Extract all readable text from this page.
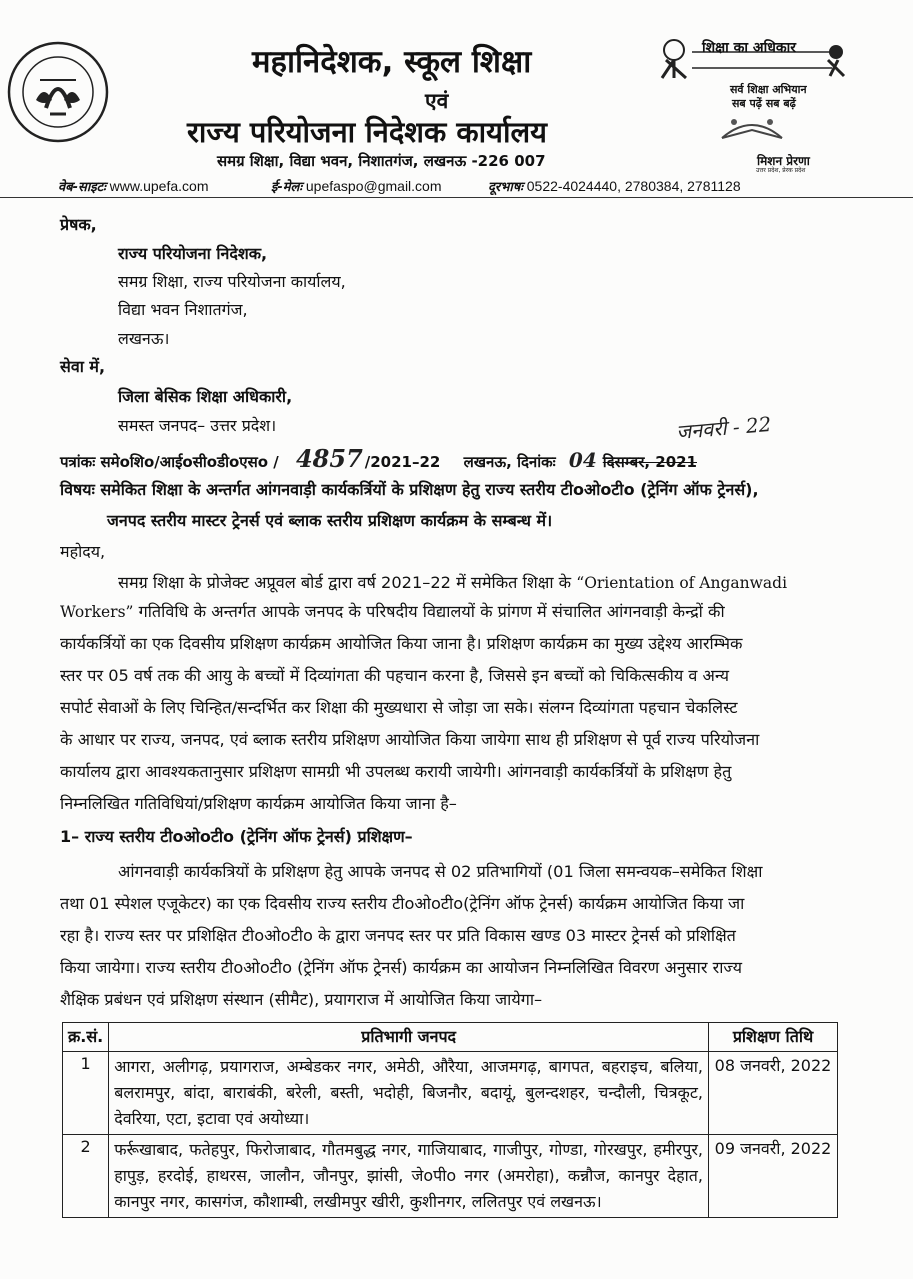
महानिदेशक, स्कूल शिक्षा
एवं
राज्य परियोजना निदेशक कार्यालय
समग्र शिक्षा, विद्या भवन, निशातगंज, लखनऊ -226 007
वेब-साइटः www.upefa.com	ई-मेलः upefaspo@gmail.com	दूरभाषः 0522-4024440, 2780384, 2781128
शिक्षा का अधिकार
सर्व शिक्षा अभियान
सब पढ़ें सब बढ़ें
मिशन प्रेरणा
उत्तर प्रदेश, प्रेरक प्रदेश
प्रेषक,
राज्य परियोजना निदेशक,
समग्र शिक्षा, राज्य परियोजना कार्यालय,
विद्या भवन निशातगंज,
लखनऊ।
सेवा में,
जिला बेसिक शिक्षा अधिकारी,
समस्त जनपद– उत्तर प्रदेश।
पत्रांकः समेoशिo/आईoसीoडीoएसo / 4857 /2021–22 लखनऊ, दिनांकः 04 दिसम्बर, 2021
जनवरी - 22
विषयः समेकित शिक्षा के अन्तर्गत आंगनवाड़ी कार्यकर्त्रियों के प्रशिक्षण हेतु राज्य स्तरीय टीoओoटीo (ट्रेनिंग ऑफ ट्रेनर्स),
जनपद स्तरीय मास्टर ट्रेनर्स एवं ब्लाक स्तरीय प्रशिक्षण कार्यक्रम के सम्बन्ध में।
महोदय,
समग्र शिक्षा के प्रोजेक्ट अप्रूवल बोर्ड द्वारा वर्ष 2021–22 में समेकित शिक्षा के “Orientation of Anganwadi
Workers” गतिविधि के अन्तर्गत आपके जनपद के परिषदीय विद्यालयों के प्रांगण में संचालित आंगनवाड़ी केन्द्रों की
कार्यकर्त्रियों का एक दिवसीय प्रशिक्षण कार्यक्रम आयोजित किया जाना है। प्रशिक्षण कार्यक्रम का मुख्य उद्देश्य आरम्भिक
स्तर पर 05 वर्ष तक की आयु के बच्चों में दिव्यांगता की पहचान करना है, जिससे इन बच्चों को चिकित्सकीय व अन्य
सपोर्ट सेवाओं के लिए चिन्हित/सन्दर्भित कर शिक्षा की मुख्यधारा से जोड़ा जा सके। संलग्न दिव्यांगता पहचान चेकलिस्ट
के आधार पर राज्य, जनपद, एवं ब्लाक स्तरीय प्रशिक्षण आयोजित किया जायेगा साथ ही प्रशिक्षण से पूर्व राज्य परियोजना
कार्यालय द्वारा आवश्यकतानुसार प्रशिक्षण सामग्री भी उपलब्ध करायी जायेगी। आंगनवाड़ी कार्यकर्त्रियों के प्रशिक्षण हेतु
निम्नलिखित गतिविधियां/प्रशिक्षण कार्यक्रम आयोजित किया जाना है–
1– राज्य स्तरीय टीoओoटीo (ट्रेनिंग ऑफ ट्रेनर्स) प्रशिक्षण–
आंगनवाड़ी कार्यकत्रियों के प्रशिक्षण हेतु आपके जनपद से 02 प्रतिभागियों (01 जिला समन्वयक–समेकित शिक्षा
तथा 01 स्पेशल एजूकेटर) का एक दिवसीय राज्य स्तरीय टीoओoटीo(ट्रेनिंग ऑफ ट्रेनर्स) कार्यक्रम आयोजित किया जा
रहा है। राज्य स्तर पर प्रशिक्षित टीoओoटीo के द्वारा जनपद स्तर पर प्रति विकास खण्ड 03 मास्टर ट्रेनर्स को प्रशिक्षित
किया जायेगा। राज्य स्तरीय टीoओoटीo (ट्रेनिंग ऑफ ट्रेनर्स) कार्यक्रम का आयोजन निम्नलिखित विवरण अनुसार राज्य
शैक्षिक प्रबंधन एवं प्रशिक्षण संस्थान (सीमैट), प्रयागराज में आयोजित किया जायेगा–
क्र.सं.	प्रतिभागी जनपद	प्रशिक्षण तिथि
1	आगरा, अलीगढ़, प्रयागराज, अम्बेडकर नगर, अमेठी, औरैया, आजमगढ़, बागपत, बहराइच, बलिया, बलरामपुर, बांदा, बाराबंकी, बरेली, बस्ती, भदोही, बिजनौर, बदायूं, बुलन्दशहर, चन्दौली, चित्रकूट, देवरिया, एटा, इटावा एवं अयोध्या।	08 जनवरी, 2022
2	फर्रूखाबाद, फतेहपुर, फिरोजाबाद, गौतमबुद्ध नगर, गाजियाबाद, गाजीपुर, गोण्डा, गोरखपुर, हमीरपुर, हापुड़, हरदोई, हाथरस, जालौन, जौनपुर, झांसी, जेoपीo नगर (अमरोहा), कन्नौज, कानपुर देहात, कानपुर नगर, कासगंज, कौशाम्बी, लखीमपुर खीरी, कुशीनगर, ललितपुर एवं लखनऊ।	09 जनवरी, 2022
